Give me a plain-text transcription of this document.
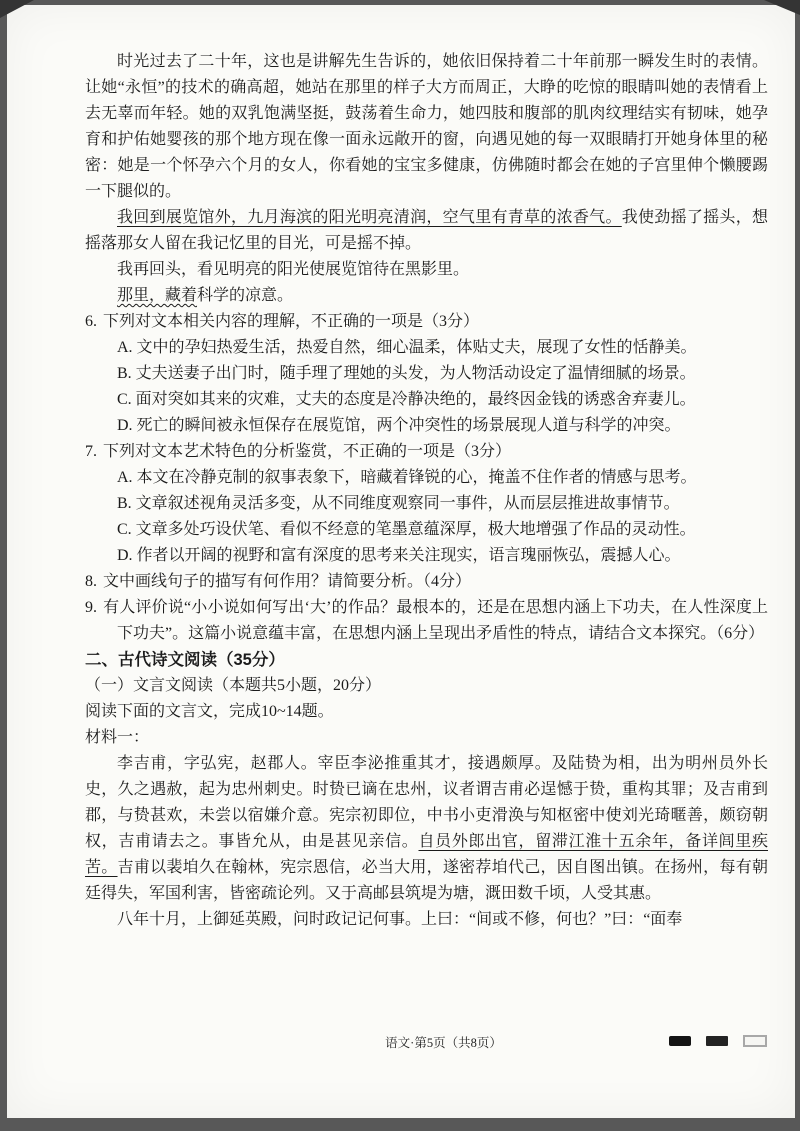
时光过去了二十年，这也是讲解先生告诉的，她依旧保持着二十年前那一瞬发生时的表情。让她“永恒”的技术的确高超，她站在那里的样子大方而周正，大睁的吃惊的眼睛叫她的表情看上去无辜而年轻。她的双乳饱满坚挺，鼓荡着生命力，她四肢和腹部的肌肉纹理结实有韧味，她孕育和护佑她婴孩的那个地方现在像一面永远敞开的窗，向遇见她的每一双眼睛打开她身体里的秘密：她是一个怀孕六个月的女人，你看她的宝宝多健康，仿佛随时都会在她的子宫里伸个懒腰踢一下腿似的。

我回到展览馆外，九月海滨的阳光明亮清润，空气里有青草的浓香气。我使劲摇了摇头，想摇落那女人留在我记忆里的目光，可是摇不掉。

我再回头，看见明亮的阳光使展览馆待在黑影里。

那里，藏着科学的凉意。

6. 下列对文本相关内容的理解，不正确的一项是（3分）
A. 文中的孕妇热爱生活，热爱自然，细心温柔，体贴丈夫，展现了女性的恬静美。
B. 丈夫送妻子出门时，随手理了理她的头发，为人物活动设定了温情细腻的场景。
C. 面对突如其来的灾难，丈夫的态度是冷静决绝的，最终因金钱的诱惑舍弃妻儿。
D. 死亡的瞬间被永恒保存在展览馆，两个冲突性的场景展现人道与科学的冲突。
7. 下列对文本艺术特色的分析鉴赏，不正确的一项是（3分）
A. 本文在冷静克制的叙事表象下，暗藏着锋锐的心，掩盖不住作者的情感与思考。
B. 文章叙述视角灵活多变，从不同维度观察同一事件，从而层层推进故事情节。
C. 文章多处巧设伏笔、看似不经意的笔墨意蕴深厚，极大地增强了作品的灵动性。
D. 作者以开阔的视野和富有深度的思考来关注现实，语言瑰丽恢弘，震撼人心。
8. 文中画线句子的描写有何作用？请简要分析。（4分）
9. 有人评价说“小小说如何写出‘大’的作品？最根本的，还是在思想内涵上下功夫，在人性深度上下功夫”。这篇小说意蕴丰富，在思想内涵上呈现出矛盾性的特点，请结合文本探究。（6分）
二、古代诗文阅读（35分）
（一）文言文阅读（本题共5小题，20分）
阅读下面的文言文，完成10~14题。
材料一：

李吉甫，字弘宪，赵郡人。宰臣李泌推重其才，接遇颇厚。及陆贽为相，出为明州员外长史，久之遇赦，起为忠州刺史。时贽已谪在忠州，议者谓吉甫必逞憾于贽，重构其罪；及吉甫到郡，与贽甚欢，未尝以宿嫌介意。宪宗初即位，中书小吏滑涣与知枢密中使刘光琦暱善，颇窃朝权，吉甫请去之。事皆允从，由是甚见亲信。自员外郎出官，留滞江淮十五余年，备详闾里疾苦。吉甫以裴垍久在翰林，宪宗恩信，必当大用，遂密荐垍代己，因自图出镇。在扬州，每有朝廷得失，军国利害，皆密疏论列。又于高邮县筑堤为塘，溉田数千顷，人受其惠。

八年十月，上御延英殿，问时政记记何事。上曰：“间或不修，何也？”曰：“面奉

语文·第5页（共8页）
